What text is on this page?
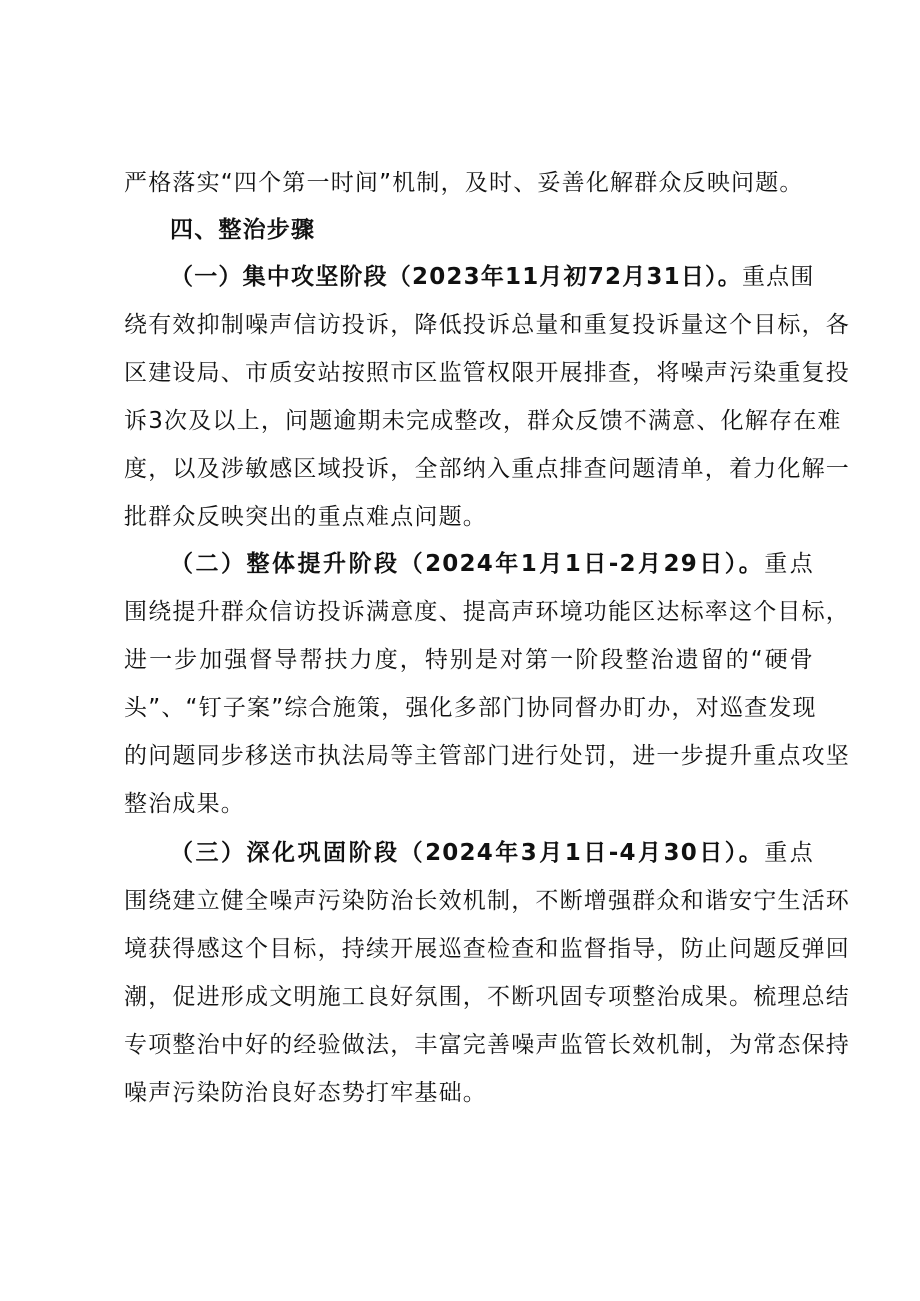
严格落实“四个第一时间”机制，及时、妥善化解群众反映问题。
四、整治步骤
（一）集中攻坚阶段（2023年11月初72月31日）。重点围
绕有效抑制噪声信访投诉，降低投诉总量和重复投诉量这个目标，各
区建设局、市质安站按照市区监管权限开展排查，将噪声污染重复投
诉3次及以上，问题逾期未完成整改，群众反馈不满意、化解存在难
度，以及涉敏感区域投诉，全部纳入重点排查问题清单，着力化解一
批群众反映突出的重点难点问题。
（二）整体提升阶段（2024年1月1日-2月29日）。重点
围绕提升群众信访投诉满意度、提高声环境功能区达标率这个目标，
进一步加强督导帮扶力度，特别是对第一阶段整治遗留的“硬骨
头”、“钉子案”综合施策，强化多部门协同督办盯办，对巡查发现
的问题同步移送市执法局等主管部门进行处罚，进一步提升重点攻坚
整治成果。
（三）深化巩固阶段（2024年3月1日-4月30日）。重点
围绕建立健全噪声污染防治长效机制，不断增强群众和谐安宁生活环
境获得感这个目标，持续开展巡查检查和监督指导，防止问题反弹回
潮，促进形成文明施工良好氛围，不断巩固专项整治成果。梳理总结
专项整治中好的经验做法，丰富完善噪声监管长效机制，为常态保持
噪声污染防治良好态势打牢基础。
